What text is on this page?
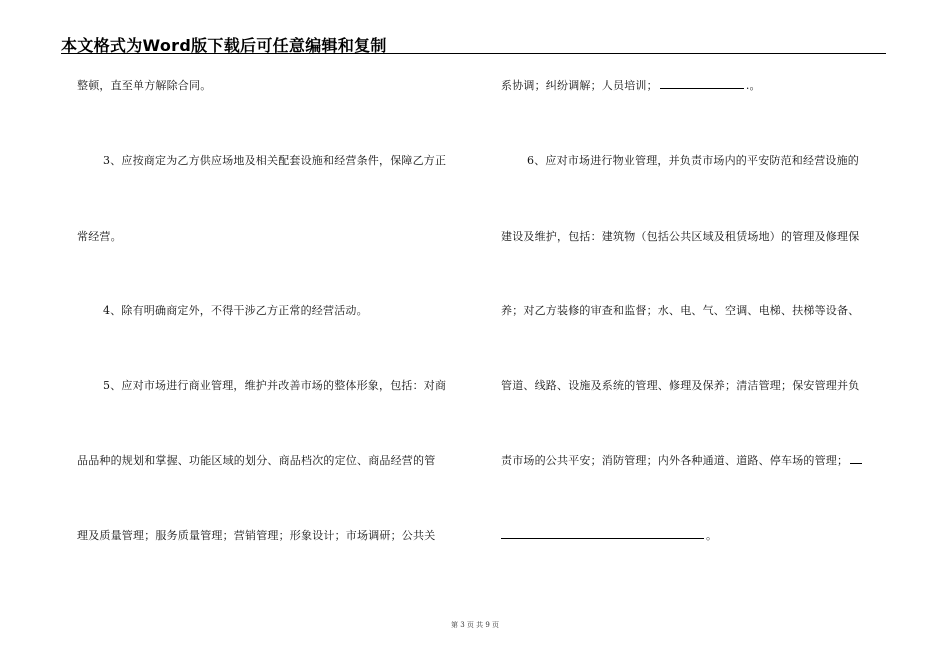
本文格式为Word版下载后可任意编辑和复制
整顿，直至单方解除合同。
3、应按商定为乙方供应场地及相关配套设施和经营条件，保障乙方正
常经营。
4、除有明确商定外，不得干涉乙方正常的经营活动。
5、应对市场进行商业管理，维护并改善市场的整体形象，包括：对商
品品种的规划和掌握、功能区域的划分、商品档次的定位、商品经营的管
理及质量管理；服务质量管理；营销管理；形象设计；市场调研；公共关
系协调；纠纷调解；人员培训；	.。
6、应对市场进行物业管理，并负责市场内的平安防范和经营设施的
建设及维护，包括：建筑物（包括公共区域及租赁场地）的管理及修理保
养；对乙方装修的审查和监督；水、电、气、空调、电梯、扶梯等设备、
管道、线路、设施及系统的管理、修理及保养；清洁管理；保安管理并负
责市场的公共平安；消防管理；内外各种通道、道路、停车场的管理；
。
第 3 页 共 9 页
